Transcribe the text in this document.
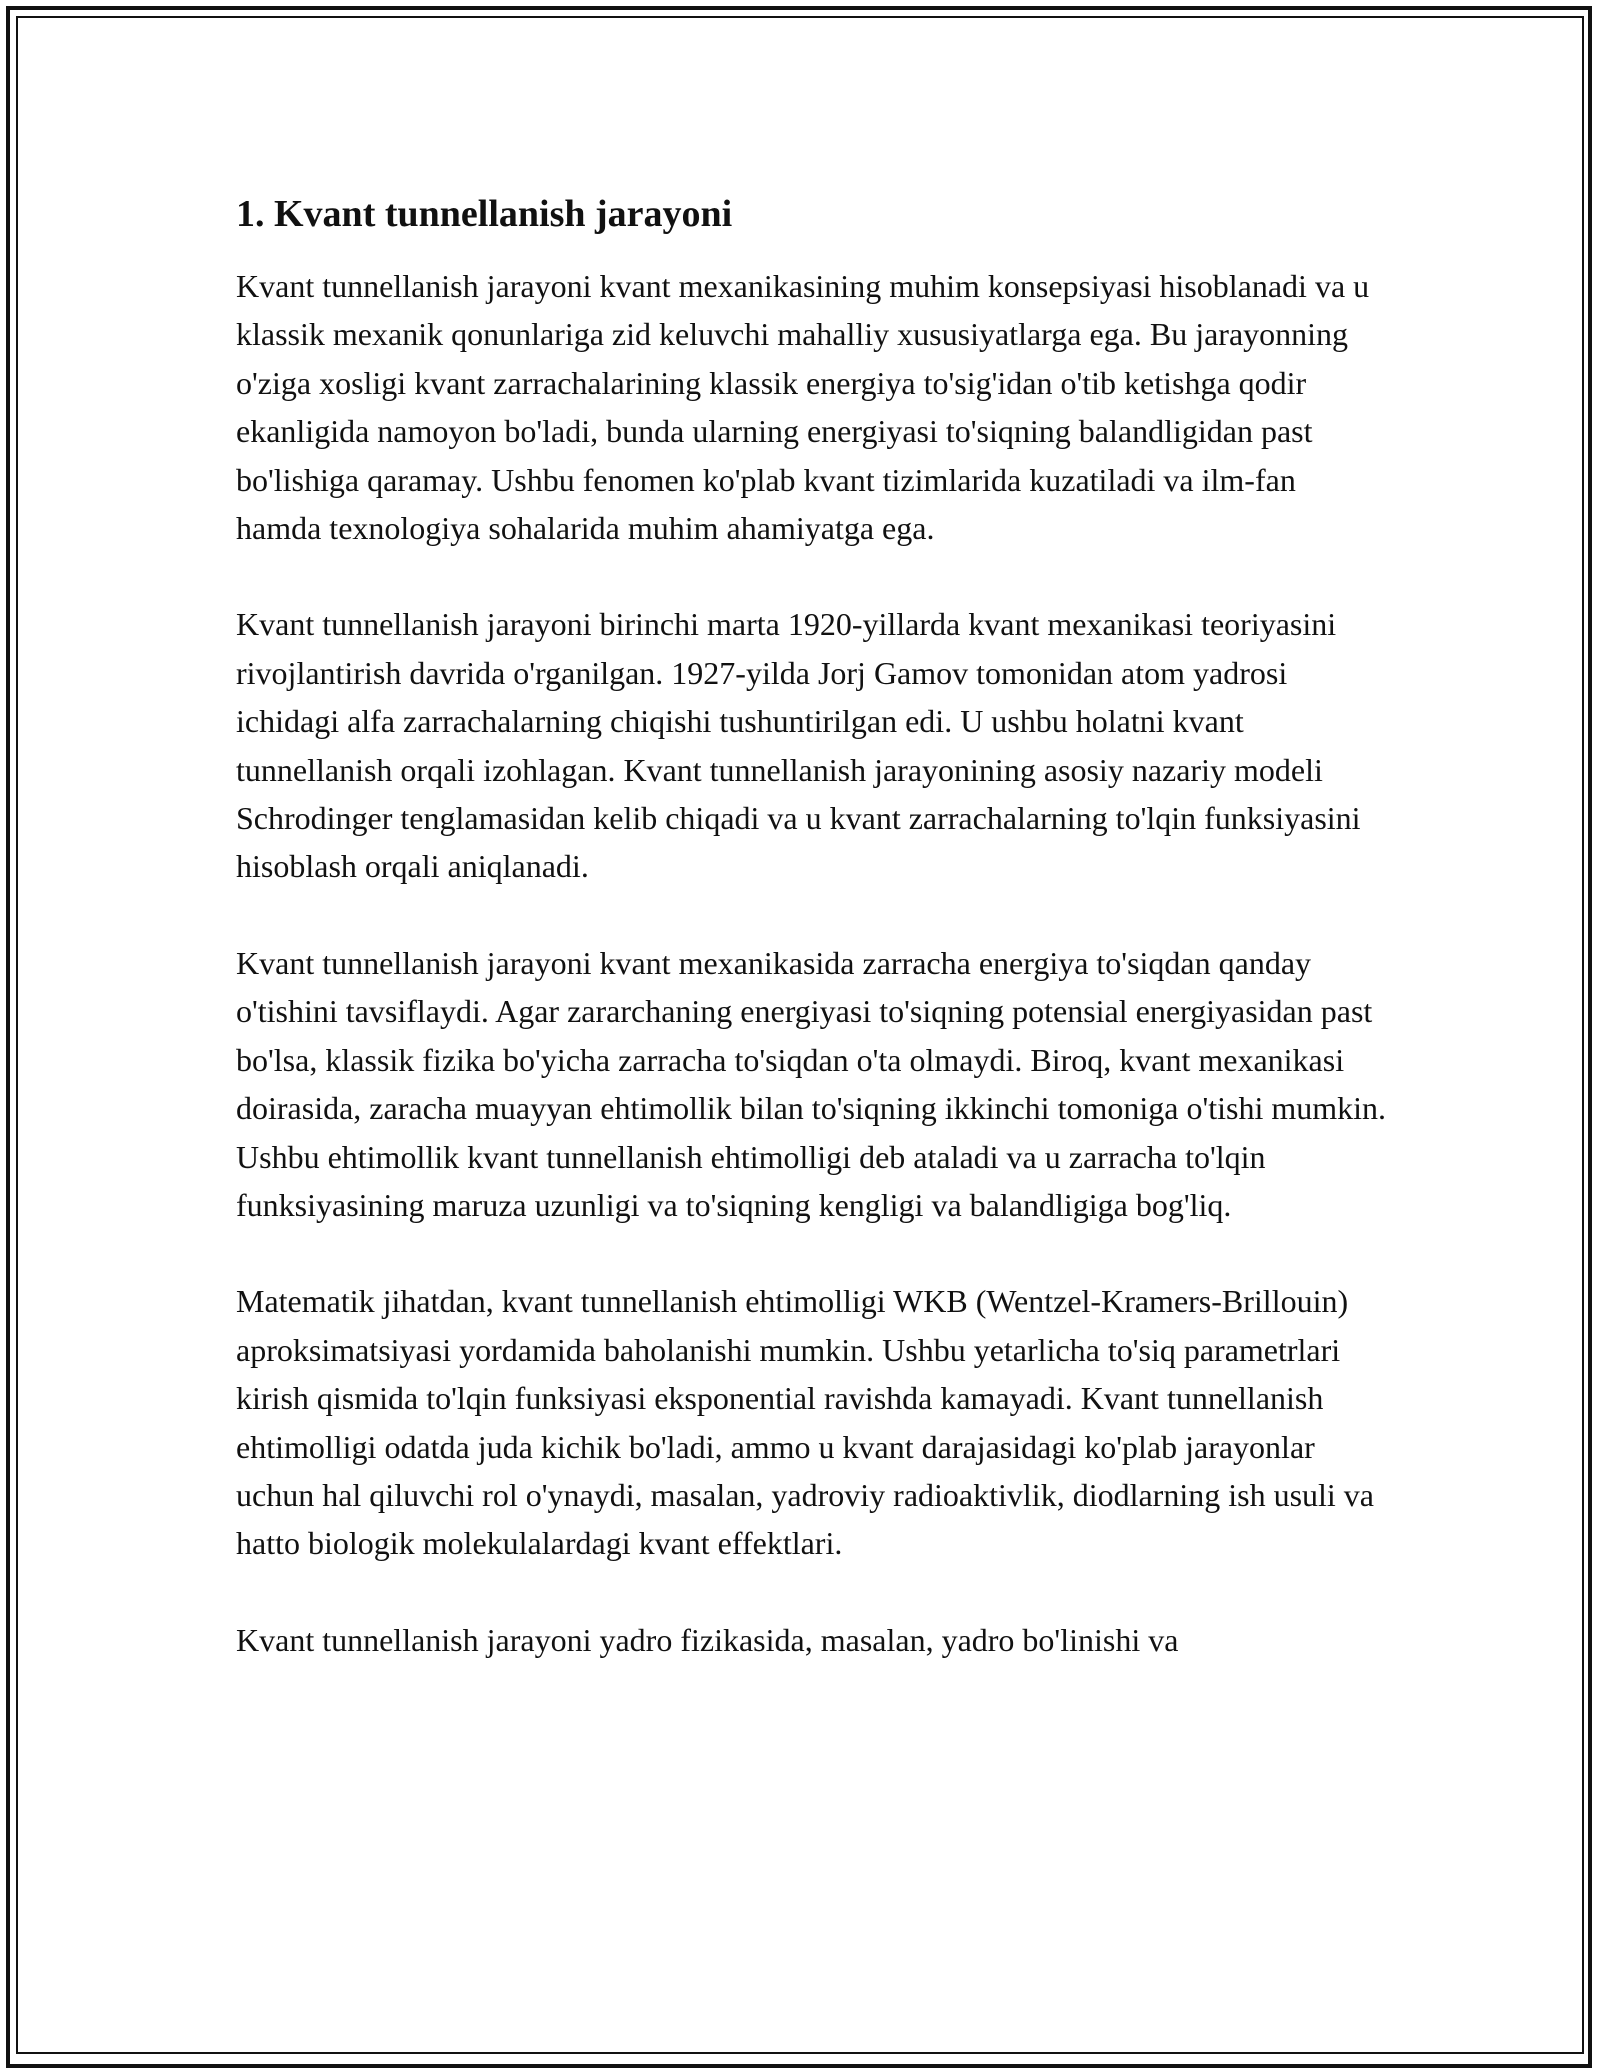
1. Kvant tunnellanish jarayoni

Kvant tunnellanish jarayoni kvant mexanikasining muhim konsepsiyasi hisoblanadi va u klassik mexanik qonunlariga zid keluvchi mahalliy xususiyatlarga ega. Bu jarayonning o'ziga xosligi kvant zarrachalarining klassik energiya to'sig'idan o'tib ketishga qodir ekanligida namoyon bo'ladi, bunda ularning energiyasi to'siqning balandligidan past bo'lishiga qaramay. Ushbu fenomen ko'plab kvant tizimlarida kuzatiladi va ilm-fan hamda texnologiya sohalarida muhim ahamiyatga ega.

Kvant tunnellanish jarayoni birinchi marta 1920-yillarda kvant mexanikasi teoriyasini rivojlantirish davrida o'rganilgan. 1927-yilda Jorj Gamov tomonidan atom yadrosi ichidagi alfa zarrachalarning chiqishi tushuntirilgan edi. U ushbu holatni kvant tunnellanish orqali izohlagan. Kvant tunnellanish jarayonining asosiy nazariy modeli Schrodinger tenglamasidan kelib chiqadi va u kvant zarrachalarning to'lqin funksiyasini hisoblash orqali aniqlanadi.

Kvant tunnellanish jarayoni kvant mexanikasida zarracha energiya to'siqdan qanday o'tishini tavsiflaydi. Agar zararchaning energiyasi to'siqning potensial energiyasidan past bo'lsa, klassik fizika bo'yicha zarracha to'siqdan o'ta olmaydi. Biroq, kvant mexanikasi doirasida, zaracha muayyan ehtimollik bilan to'siqning ikkinchi tomoniga o'tishi mumkin. Ushbu ehtimollik kvant tunnellanish ehtimolligi deb ataladi va u zarracha to'lqin funksiyasining maruza uzunligi va to'siqning kengligi va balandligiga bog'liq.

Matematik jihatdan, kvant tunnellanish ehtimolligi WKB (Wentzel-Kramers-Brillouin) aproksimatsiyasi yordamida baholanishi mumkin. Ushbu yetarlicha to'siq parametrlari kirish qismida to'lqin funksiyasi eksponential ravishda kamayadi. Kvant tunnellanish ehtimolligi odatda juda kichik bo'ladi, ammo u kvant darajasidagi ko'plab jarayonlar uchun hal qiluvchi rol o'ynaydi, masalan, yadroviy radioaktivlik, diodlarning ish usuli va hatto biologik molekulalardagi kvant effektlari.

Kvant tunnellanish jarayoni yadro fizikasida, masalan, yadro bo'linishi va
